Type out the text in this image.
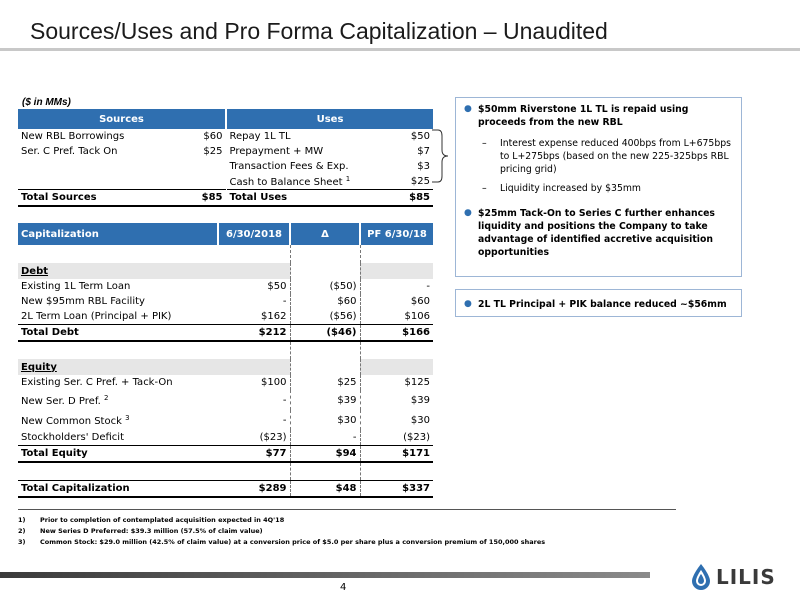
Sources/Uses and Pro Forma Capitalization – Unaudited
($ in MMs)
Sources		Uses	
New RBL Borrowings	$60	Repay 1L TL	$50
Ser. C Pref. Tack On	$25	Prepayment + MW	$7
		Transaction Fees & Exp.	$3
		Cash to Balance Sheet $^1$	$25
Total Sources	$85	Total Uses	$85
Capitalization	6/30/2018	Δ	PF 6/30/18

Debt			
Existing 1L Term Loan	$50	($50)	-
New $95mm RBL Facility	-	$60	$60
2L Term Loan (Principal + PIK)	$162	($56)	$106
Total Debt	$212	($46)	$166

Equity			
Existing Ser. C Pref. + Tack-On	$100	$25	$125
New Ser. D Pref. $^2$	-	$39	$39
New Common Stock $^3$	-	$30	$30
Stockholders' Deficit	($23)	-	($23)
Total Equity	$77	$94	$171

Total Capitalization	$289	$48	$337
● $50mm Riverstone 1L TL is repaid using proceeds from the new RBL
–	Interest expense reduced 400bps from L+675bps to L+275bps (based on the new 225-325bps RBL pricing grid)
–	Liquidity increased by $35mm
● $25mm Tack-On to Series C further enhances liquidity and positions the Company to take advantage of identified accretive acquisition opportunities
● 2L TL Principal + PIK balance reduced ~$56mm
1)	Prior to completion of contemplated acquisition expected in 4Q'18
2)	New Series D Preferred: $39.3 million (57.5% of claim value)
3)	Common Stock: $29.0 million (42.5% of claim value) at a conversion price of $5.0 per share plus a conversion premium of 150,000 shares
4	LILIS
